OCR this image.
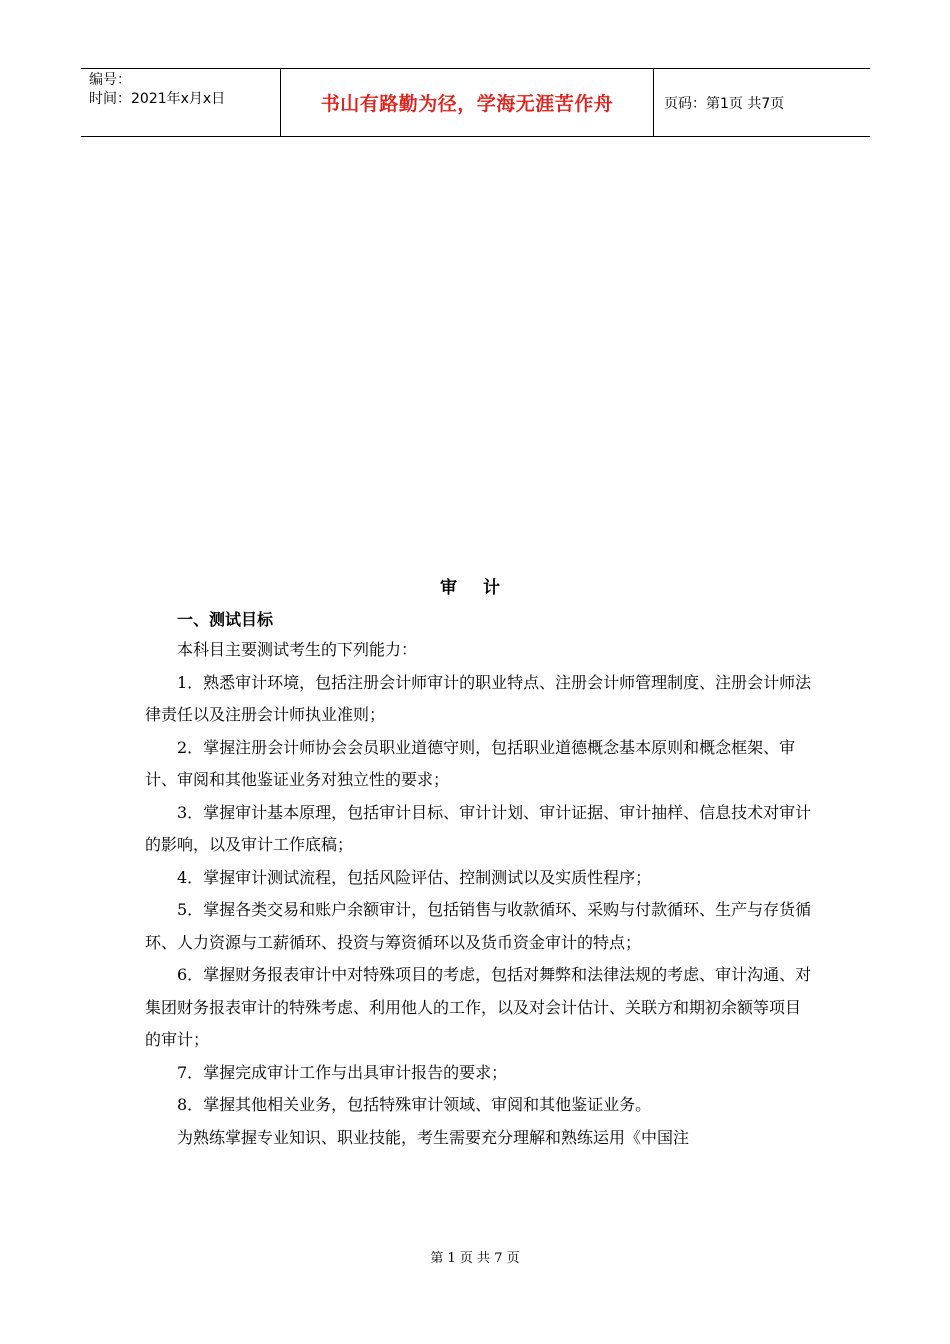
编号：
时间：2021年x月x日	书山有路勤为径，学海无涯苦作舟	页码：第1页 共7页
审 计
一、测试目标

本科目主要测试考生的下列能力：

1．熟悉审计环境，包括注册会计师审计的职业特点、注册会计师管理制度、注册会计师法律责任以及注册会计师执业准则；

2．掌握注册会计师协会会员职业道德守则，包括职业道德概念基本原则和概念框架、审计、审阅和其他鉴证业务对独立性的要求；

3．掌握审计基本原理，包括审计目标、审计计划、审计证据、审计抽样、信息技术对审计的影响，以及审计工作底稿；

4．掌握审计测试流程，包括风险评估、控制测试以及实质性程序；

5．掌握各类交易和账户余额审计，包括销售与收款循环、采购与付款循环、生产与存货循环、人力资源与工薪循环、投资与筹资循环以及货币资金审计的特点；

6．掌握财务报表审计中对特殊项目的考虑，包括对舞弊和法律法规的考虑、审计沟通、对集团财务报表审计的特殊考虑、利用他人的工作，以及对会计估计、关联方和期初余额等项目的审计；

7．掌握完成审计工作与出具审计报告的要求；

8．掌握其他相关业务，包括特殊审计领域、审阅和其他鉴证业务。

为熟练掌握专业知识、职业技能，考生需要充分理解和熟练运用《中国注

第 1 页 共 7 页
